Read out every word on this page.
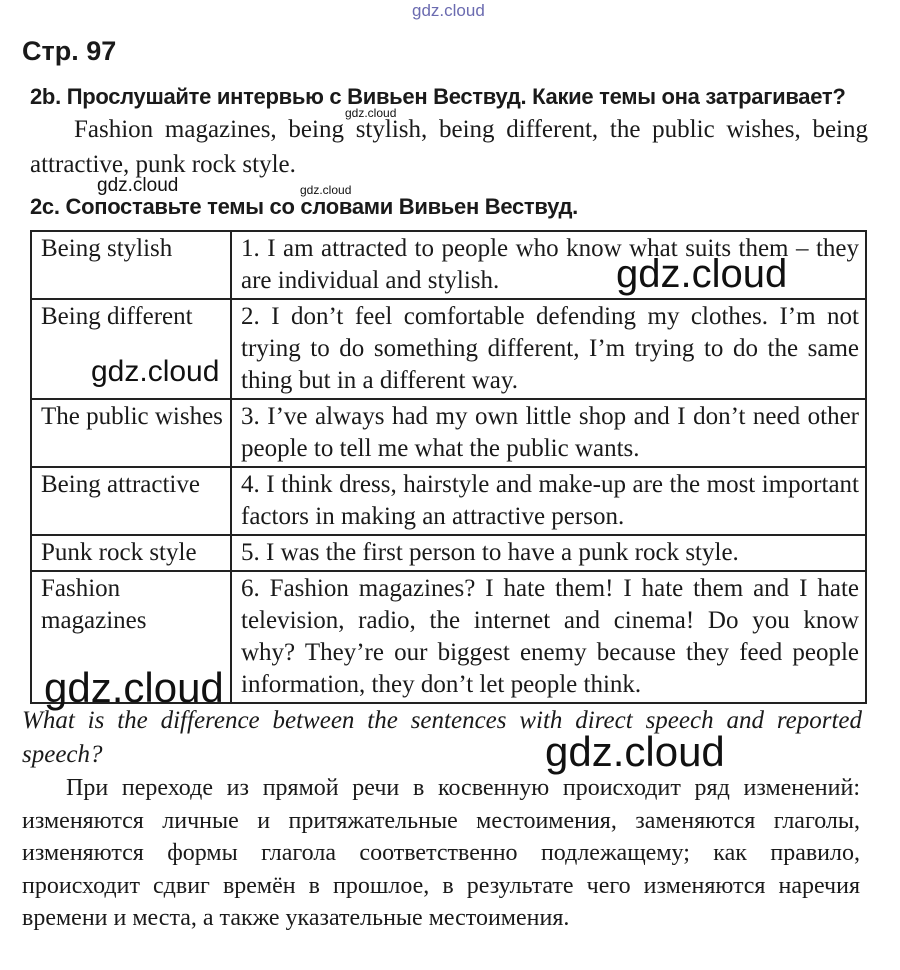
gdz.cloud
Стр. 97
2b. Прослушайте интервью с Вивьен Вествуд. Какие темы она затрагивает?
gdz.cloud
Fashion magazines, being stylish, being different, the public wishes, being attractive, punk rock style.
gdz.cloud	gdz.cloud
2c. Сопоставьте темы со словами Вивьен Вествуд.
Being stylish	1. I am attracted to people who know what suits them – they are individual and stylish.
Being different	2. I don’t feel comfortable defending my clothes. I’m not trying to do something different, I’m trying to do the same thing but in a different way.
The public wishes	3. I’ve always had my own little shop and I don’t need other people to tell me what the public wants.
Being attractive	4. I think dress, hairstyle and make-up are the most important factors in making an attractive person.
Punk rock style	5. I was the first person to have a punk rock style.
Fashion magazines	6. Fashion magazines? I hate them! I hate them and I hate television, radio, the internet and cinema! Do you know why? They’re our biggest enemy because they feed people information, they don’t let people think.
gdz.cloud
gdz.cloud
gdz.cloud
What is the difference between the sentences with direct speech and reported speech?	gdz.cloud
При переходе из прямой речи в косвенную происходит ряд изменений: изменяются личные и притяжательные местоимения, заменяются глаголы, изменяются формы глагола соответственно подлежащему; как правило, происходит сдвиг времён в прошлое, в результате чего изменяются наречия времени и места, а также указательные местоимения.
